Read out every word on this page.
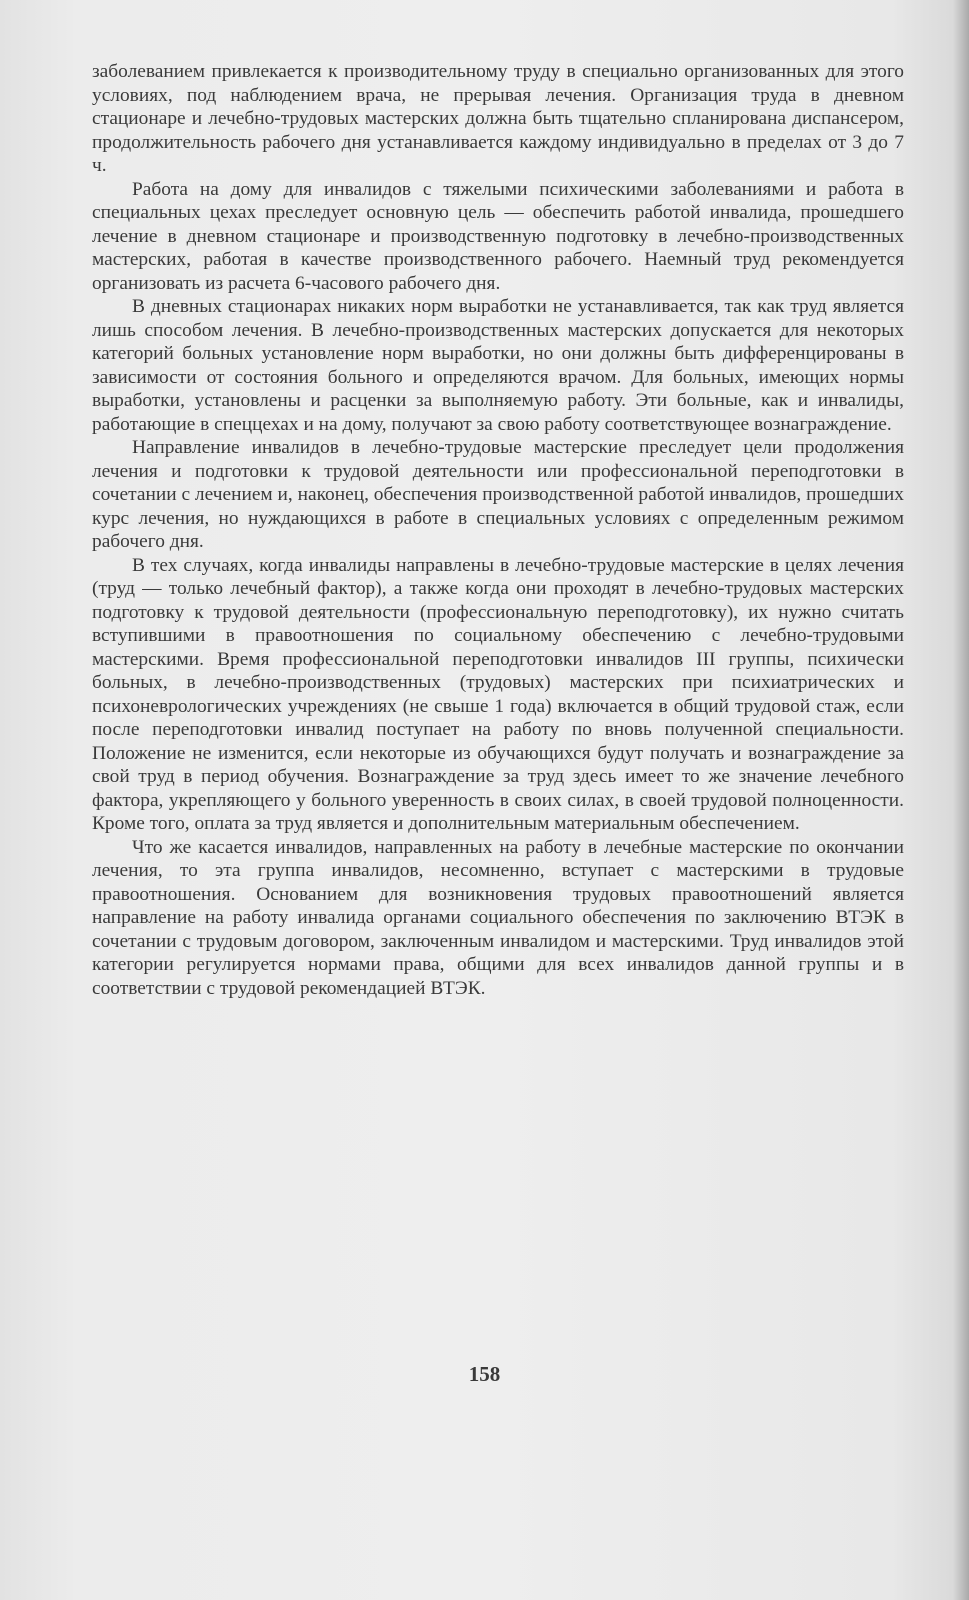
заболеванием привлекается к производительному труду в специально организованных для этого условиях, под наблюдением врача, не прерывая лечения. Организация труда в дневном стационаре и лечебно-трудовых мастерских должна быть тщательно спланирована диспансером, продолжительность рабочего дня устанавливается каждому индивидуально в пределах от 3 до 7 ч.

Работа на дому для инвалидов с тяжелыми психическими заболеваниями и работа в специальных цехах преследует основную цель — обеспечить работой инвалида, прошедшего лечение в дневном стационаре и производственную подготовку в лечебно-производственных мастерских, работая в качестве производственного рабочего. Наемный труд рекомендуется организовать из расчета 6-часового рабочего дня.

В дневных стационарах никаких норм выработки не устанавливается, так как труд является лишь способом лечения. В лечебно-производственных мастерских допускается для некоторых категорий больных установление норм выработки, но они должны быть дифференцированы в зависимости от состояния больного и определяются врачом. Для больных, имеющих нормы выработки, установлены и расценки за выполняемую работу. Эти больные, как и инвалиды, работающие в спеццехах и на дому, получают за свою работу соответствующее вознаграждение.

Направление инвалидов в лечебно-трудовые мастерские преследует цели продолжения лечения и подготовки к трудовой деятельности или профессиональной переподготовки в сочетании с лечением и, наконец, обеспечения производственной работой инвалидов, прошедших курс лечения, но нуждающихся в работе в специальных условиях с определенным режимом рабочего дня.

В тех случаях, когда инвалиды направлены в лечебно-трудовые мастерские в целях лечения (труд — только лечебный фактор), а также когда они проходят в лечебно-трудовых мастерских подготовку к трудовой деятельности (профессиональную переподготовку), их нужно считать вступившими в правоотношения по социальному обеспечению с лечебно-трудовыми мастерскими. Время профессиональной переподготовки инвалидов III группы, психически больных, в лечебно-производственных (трудовых) мастерских при психиатрических и психоневрологических учреждениях (не свыше 1 года) включается в общий трудовой стаж, если после переподготовки инвалид поступает на работу по вновь полученной специальности. Положение не изменится, если некоторые из обучающихся будут получать и вознаграждение за свой труд в период обучения. Вознаграждение за труд здесь имеет то же значение лечебного фактора, укрепляющего у больного уверенность в своих силах, в своей трудовой полноценности. Кроме того, оплата за труд является и дополнительным материальным обеспечением.

Что же касается инвалидов, направленных на работу в лечебные мастерские по окончании лечения, то эта группа инвалидов, несомненно, вступает с мастерскими в трудовые правоотношения. Основанием для возникновения трудовых правоотношений является направление на работу инвалида органами социального обеспечения по заключению ВТЭК в сочетании с трудовым договором, заключенным инвалидом и мастерскими. Труд инвалидов этой категории регулируется нормами права, общими для всех инвалидов данной группы и в соответствии с трудовой рекомендацией ВТЭК.

158
